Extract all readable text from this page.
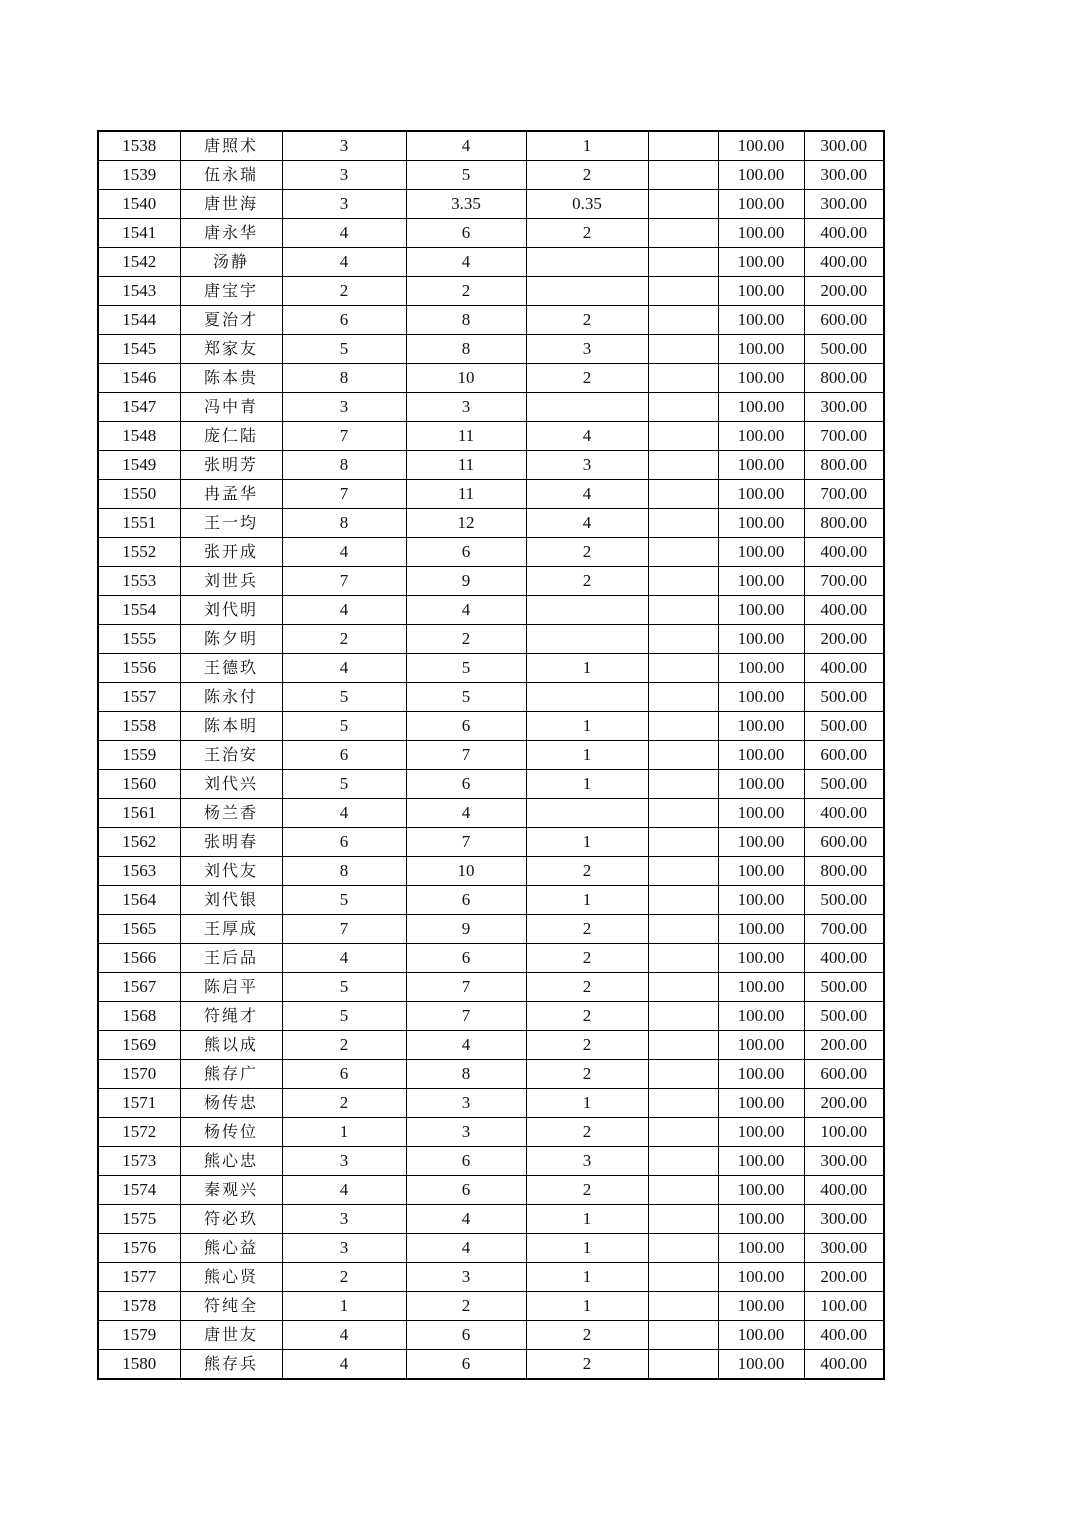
1538	唐照术	3	4	1		100.00	300.00
1539	伍永瑞	3	5	2		100.00	300.00
1540	唐世海	3	3.35	0.35		100.00	300.00
1541	唐永华	4	6	2		100.00	400.00
1542	汤静	4	4			100.00	400.00
1543	唐宝宇	2	2			100.00	200.00
1544	夏治才	6	8	2		100.00	600.00
1545	郑家友	5	8	3		100.00	500.00
1546	陈本贵	8	10	2		100.00	800.00
1547	冯中青	3	3			100.00	300.00
1548	庞仁陆	7	11	4		100.00	700.00
1549	张明芳	8	11	3		100.00	800.00
1550	冉孟华	7	11	4		100.00	700.00
1551	王一均	8	12	4		100.00	800.00
1552	张开成	4	6	2		100.00	400.00
1553	刘世兵	7	9	2		100.00	700.00
1554	刘代明	4	4			100.00	400.00
1555	陈夕明	2	2			100.00	200.00
1556	王德玖	4	5	1		100.00	400.00
1557	陈永付	5	5			100.00	500.00
1558	陈本明	5	6	1		100.00	500.00
1559	王治安	6	7	1		100.00	600.00
1560	刘代兴	5	6	1		100.00	500.00
1561	杨兰香	4	4			100.00	400.00
1562	张明春	6	7	1		100.00	600.00
1563	刘代友	8	10	2		100.00	800.00
1564	刘代银	5	6	1		100.00	500.00
1565	王厚成	7	9	2		100.00	700.00
1566	王后品	4	6	2		100.00	400.00
1567	陈启平	5	7	2		100.00	500.00
1568	符绳才	5	7	2		100.00	500.00
1569	熊以成	2	4	2		100.00	200.00
1570	熊存广	6	8	2		100.00	600.00
1571	杨传忠	2	3	1		100.00	200.00
1572	杨传位	1	3	2		100.00	100.00
1573	熊心忠	3	6	3		100.00	300.00
1574	秦观兴	4	6	2		100.00	400.00
1575	符必玖	3	4	1		100.00	300.00
1576	熊心益	3	4	1		100.00	300.00
1577	熊心贤	2	3	1		100.00	200.00
1578	符纯全	1	2	1		100.00	100.00
1579	唐世友	4	6	2		100.00	400.00
1580	熊存兵	4	6	2		100.00	400.00
